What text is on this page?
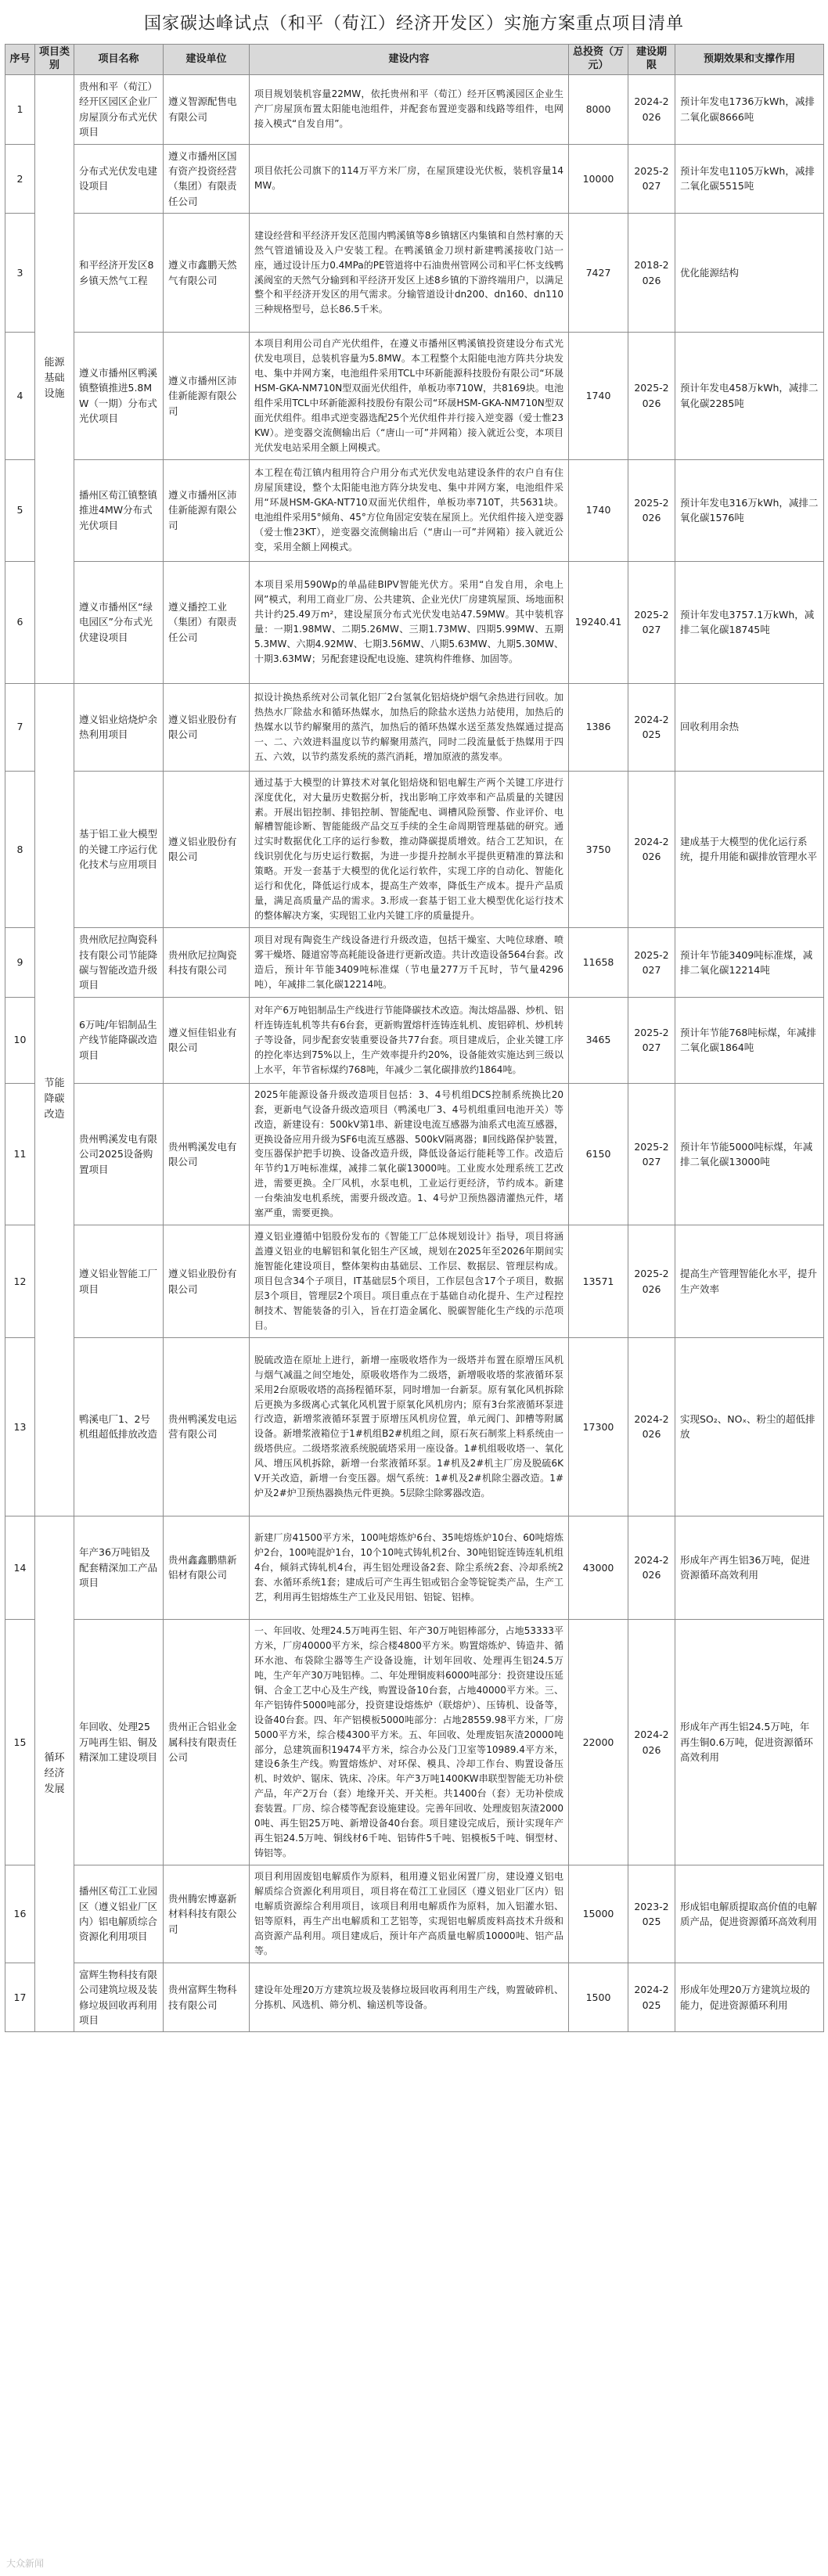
国家碳达峰试点（和平（荀江）经济开发区）实施方案重点项目清单
序号	项目类别	项目名称	建设单位	建设内容	总投资（万元）	建设期限	预期效果和支撑作用
1	能源基础设施	贵州和平（荀江）经开区园区企业厂房屋顶分布式光伏项目	遵义智源配售电有限公司	项目规划装机容量22MW，依托贵州和平（荀江）经开区鸭溪园区企业生产厂房屋顶布置太阳能电池组件，并配套布置逆变器和线路等组件，电网接入模式“自发自用”。	8000	2024-2026	预计年发电1736万kWh，减排二氧化碳8666吨
2		分布式光伏发电建设项目	遵义市播州区国有资产投资经营（集团）有限责任公司	项目依托公司旗下的114万平方米厂房，在屋顶建设光伏板，装机容量14MW。	10000	2025-2027	预计年发电1105万kWh，减排二氧化碳5515吨
3		和平经济开发区8乡镇天然气工程	遵义市鑫鹏天然气有限公司	建设经营和平经济开发区范围内鸭溪镇等8乡镇辖区内集镇和自然村寨的天然气管道铺设及入户安装工程。在鸭溪镇金刀坝村新建鸭溪接收门站一座，通过设计压力0.4MPa的PE管道将中石油贵州管网公司和平仁怀支线鸭溪阀室的天然气分输到和平经济开发区上述8乡镇的下游终端用户，以满足整个和平经济开发区的用气需求。分输管道设计dn200、dn160、dn110三种规格型号，总长86.5千米。	7427	2018-2026	优化能源结构
4		遵义市播州区鸭溪镇整镇推进5.8MW（一期）分布式光伏项目	遵义市播州区沛佳新能源有限公司	本项目利用公司自产光伏组件，在遵义市播州区鸭溪镇投资建设分布式光伏发电项目，总装机容量为5.8MW。本工程整个太阳能电池方阵共分块发电、集中并网方案，电池组件采用TCL中环新能源科技股份有限公司“环晟HSM-GKA-NM710N型双面光伏组件，单板功率710W，共8169块。电池组件采用TCL中环新能源科技股份有限公司“环晟HSM-GKA-NM710N型双面光伏组件。组串式逆变器选配25个光伏组件并行接入逆变器（爱士惟23KW）。逆变器交流侧输出后（“唐山一可”并网箱）接入就近公变，本项目光伏发电站采用全额上网模式。	1740	2025-2026	预计年发电458万kWh，减排二氧化碳2285吨
5		播州区荀江镇整镇推进4MW分布式光伏项目	遵义市播州区沛佳新能源有限公司	本工程在荀江镇内租用符合户用分布式光伏发电站建设条件的农户自有住房屋顶建设，整个太阳能电池方阵分块发电、集中并网方案，电池组件采用“环晟HSM-GKA-NT710双面光伏组件，单板功率710T，共5631块。电池组件采用5°倾角、45°方位角固定安装在屋顶上。光伏组件接入逆变器（爱士惟23KT），逆变器交流侧输出后（“唐山一可”并网箱）接入就近公变，采用全额上网模式。	1740	2025-2026	预计年发电316万kWh，减排二氧化碳1576吨
6		遵义市播州区“绿电园区”分布式光伏建设项目	遵义播控工业（集团）有限责任公司	本项目采用590Wp的单晶硅BIPV智能光伏方。采用“自发自用，余电上网”模式，利用工商业厂房、公共建筑、企业光伏厂房建筑屋顶、场地面积共计约25.49万m²，建设屋顶分布式光伏发电站47.59MW。其中装机容量：一期1.98MW、二期5.26MW、三期1.73MW、四期5.99MW、五期5.3MW、六期4.92MW、七期3.56MW、八期5.63MW、九期5.30MW、十期3.63MW；另配套建设配电设施、建筑构件维修、加固等。	19240.41	2025-2027	预计年发电3757.1万kWh，减排二氧化碳18745吨
7	节能降碳改造	遵义铝业焙烧炉余热利用项目	遵义铝业股份有限公司	拟设计换热系统对公司氧化铝厂2台氢氧化铝焙烧炉烟气余热进行回收。加热热水厂除盐水和循环热媒水，加热后的除盐水送热力站使用，加热后的热媒水以节约解聚用的蒸汽，加热后的循环热媒水送至蒸发热媒通过提高一、二、六效进料温度以节约解聚用蒸汽，同时二段流量低于热媒用于四五、六效，以节约蒸发系统的蒸汽消耗，增加原液的蒸发率。	1386	2024-2025	回收利用余热
8		基于铝工业大模型的关键工序运行优化技术与应用项目	遵义铝业股份有限公司	通过基于大模型的计算技术对氧化铝焙烧和铝电解生产两个关键工序进行深度优化，对大量历史数据分析，找出影响工序效率和产品质量的关键因素。开展出铝控制、排铝控制、智能配电、调槽风险预警、作业评价、电解槽智能诊断、智能能级产品交互手续的全生命周期管理基础的研究。通过实时数据优化工序的运行参数，推动降碳提质增效。结合工艺知识，在线识别优化与历史运行数据，为进一步提升控制水平提供更精准的算法和策略。开发一套基于大模型的优化运行软件，实现工序的自动化、智能化运行和优化，降低运行成本，提高生产效率，降低生产成本。提升产品质量，满足高质量产品的需求。3.形成一套基于铝工业大模型优化运行技术的整体解决方案，实现铝工业内关键工序的质量提升。	3750	2024-2026	建成基于大模型的优化运行系统，提升用能和碳排放管理水平
9		贵州欣尼拉陶瓷科技有限公司节能降碳与智能改造升级项目	贵州欣尼拉陶瓷科技有限公司	项目对现有陶瓷生产线设备进行升级改造，包括干燥室、大吨位球磨、喷雾干燥塔、隧道窑等高耗能设备进行更新改造。共计改造设备564台套。改造后，预计年节能3409吨标准煤（节电量277万千瓦时，节气量4296吨），年减排二氧化碳12214吨。	11658	2025-2027	预计年节能3409吨标准煤，减排二氧化碳12214吨
10		6万吨/年铝制品生产线节能降碳改造项目	遵义恒佳铝业有限公司	对年产6万吨铝制品生产线进行节能降碳技术改造。淘汰熔晶器、炒机、铝杆连铸连轧机等共有6台套，更新购置熔杆连铸连轧机、废铝碎机、炒机转子等设备，同步配套安装重要设备共77台套。项目建成后，企业关键工序的控化率达到75%以上，生产效率提升约20%，设备能效实施达到三级以上水平，年节省标煤约768吨，年减少二氧化碳排放约1864吨。	3465	2025-2027	预计年节能768吨标煤，年减排二氧化碳1864吨
11		贵州鸭溪发电有限公司2025设备购置项目	贵州鸭溪发电有限公司	2025年能源设备升级改造项目包括：3、4号机组DCS控制系统换比20套，更新电气设备升级改造项目（鸭溪电厂3、4号机组重回电池开关）等改造，新建设有：500kV第1串、新建设电流互感器为油系式电流互感器，更换设备应用升级为SF6电流互感器、500kV隔离器；Ⅱ回线路保护装置，变压器保护把手切换、设备改造升级，降低设备运行能耗等工作。改造后年节约1万吨标准煤，减排二氧化碳13000吨。工业废水处理系统工艺改进，需要更换。全厂风机，水泵电机，工业运行更经济，节约成本。新建一台柴油发电机系统，需要升级改造。1、4号炉卫预热器清灌热元件，堵塞严重，需要更换。	6150	2025-2027	预计年节能5000吨标煤，年减排二氧化碳13000吨
12		遵义铝业智能工厂项目	遵义铝业股份有限公司	遵义铝业遵循中铝股份发布的《智能工厂总体规划设计》指导，项目将涵盖遵义铝业的电解铝和氧化铝生产区域，规划在2025年至2026年期间实施智能化建设项目，整体架构由基础层、工作层、数据层、管理层构成。项目包含34个子项目，IT基础层5个项目，工作层包含17个子项目，数据层3个项目，管理层2个项目。项目重点在于基础自动化提升、生产过程控制技术、智能装备的引入，旨在打造金属化、脱碳智能化生产线的示范项目。	13571	2025-2026	提高生产管理智能化水平，提升生产效率
13		鸭溪电厂1、2号机组超低排放改造	贵州鸭溪发电运营有限公司	脱硫改造在原址上进行，新增一座吸收塔作为一级塔并布置在原增压风机与烟气减温之间空地处，原吸收塔作为二级塔，新增吸收塔的浆液循环泵采用2台原吸收塔的高扬程循环泵，同时增加一台新泵。原有氧化风机拆除后更换为多级离心式氧化风机置于原氧化风机房内；原有3台浆液循环泵进行改造，新增浆液循环泵置于原增压风机房位置，单元阀门、卸槽等附属设备。新增浆液箱位于1#机组B2#机组之间，原石灰石制浆上料系统由一级塔供应。二级塔浆液系统脱硫塔采用一座设备。1#机组吸收塔一、氧化风、增压风机拆除，新增一台浆液循环泵。1#机及2#机主厂房及脱硫6KV开关改造，新增一台变压器。烟气系统：1#机及2#机除尘器改造。1#炉及2#炉卫预热器换热元件更换。5层除尘除雾器改造。	17300	2024-2026	实现SO₂、NOₓ、粉尘的超低排放
14	循环经济发展	年产36万吨铝及配套精深加工产品项目	贵州鑫鑫鹏鼎新铝材有限公司	新建厂房41500平方米，100吨熔炼炉6台、35吨熔炼炉10台、60吨熔炼炉2台，100吨混炉1台，10个10吨式铸轧机2台、30吨铝锭连铸连轧机组4台，倾斜式铸轧机4台，再生铝处理设备2套、除尘系统2套、冷却系统2套、水循环系统1套；建成后可产生再生铝或铝合金等锭锭类产品，生产工艺，利用再生铝熔炼生产工业及民用铝、铝锭、铝棒。	43000	2024-2026	形成年产再生铝36万吨，促进资源循环高效利用
15		年回收、处理25万吨再生铝、铜及精深加工建设项目	贵州正合铝业金属科技有限责任公司	一、年回收、处理24.5万吨再生铝、年产30万吨铝棒部分，占地53333平方米，厂房40000平方米，综合楼4800平方米。购置熔炼炉、铸造井、循环水池、布袋除尘器等生产设备设施，计划年回收、处理再生铝24.5万吨，生产年产30万吨铝棒。二、年处理铜废料6000吨部分：投资建设压延铜、合金工艺中心及生产线，购置设备10台套，占地40000平方米。三、年产铝铸件5000吨部分，投资建设熔炼炉（联熔炉）、压铸机、设备等，设备40台套。四、年产铝模板5000吨部分：占地28559.98平方米，厂房5000平方米，综合楼4300平方米。五、年回收、处理废铝灰渣20000吨部分，总建筑面积19474平方米，综合办公及门卫室等10989.4平方米，建设6条生产线。购置熔炼炉、对环保、模具、冷却工作台、购置设备压机、时效炉、锯床、铣床、冷床。年产3万吨1400KW串联型智能无功补偿产品，年产2万台（套）地缘开关、开关柜。共1400台（套）无功补偿成套装置。厂房、综合楼等配套设施建设。完善年回收、处理废铝灰渣20000吨、再生铝25万吨、新增设备40台套。项目建设完成后，预计实现年产再生铝24.5万吨、铜线材6千吨、铝铸件5千吨、铝模板5千吨、铜型材、铸铝等。	22000	2024-2026	形成年产再生铝24.5万吨，年再生铜0.6万吨，促进资源循环高效利用
16		播州区荀江工业园区（遵义铝业厂区内）铝电解质综合资源化利用项目	贵州腾宏博嘉新材料科技有限公司	项目利用固废铝电解质作为原料，租用遵义铝业闲置厂房，建设遵义铝电解质综合资源化利用项目，项目将在荀江工业园区（遵义铝业厂区内）铝电解质资源综合利用项目，该项目利用电解质作为原料，加入铝灌水铝、铝等原料，再生产出电解质和工艺铝等，实现铝电解质废料高技术升级和高资源产品利用。项目建成后，预计年产高质量电解质10000吨、铝产品等。	15000	2023-2025	形成铝电解质提取高价值的电解质产品，促进资源循环高效利用
17		富辉生物科技有限公司建筑垃圾及装修垃圾回收再利用项目	贵州富辉生物科技有限公司	建设年处理20万方建筑垃圾及装修垃圾回收再利用生产线，购置破碎机、分拣机、风选机、筛分机、输送机等设备。	1500	2024-2025	形成年处理20万方建筑垃圾的能力，促进资源循环利用
大众新闻
